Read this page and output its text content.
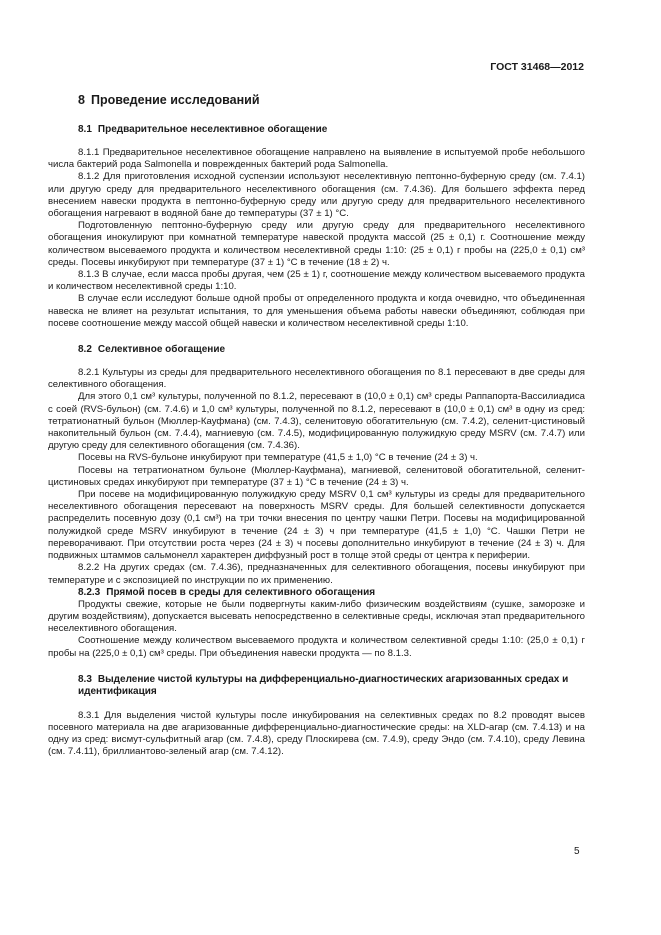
ГОСТ 31468—2012
8 Проведение исследований
8.1 Предварительное неселективное обогащение

8.1.1 Предварительное неселективное обогащение направлено на выявление в испытуемой пробе небольшого числа бактерий рода Salmonella и поврежденных бактерий рода Salmonella.

8.1.2 Для приготовления исходной суспензии используют неселективную пептонно-буферную среду (см. 7.4.1) или другую среду для предварительного неселективного обогащения (см. 7.4.36). Для большего эффекта перед внесением навески продукта в пептонно-буферную среду или другую среду для предварительного неселективного обогащения нагревают в водяной бане до температуры (37 ± 1) °С.

Подготовленную пептонно-буферную среду или другую среду для предварительного неселективного обогащения инокулируют при комнатной температуре навеской продукта массой (25 ± 0,1) г. Соотношение между количеством высеваемого продукта и количеством неселективной среды 1:10: (25 ± 0,1) г пробы на (225,0 ± 0,1) см³ среды. Посевы инкубируют при температуре (37 ± 1) °С в течение (18 ± 2) ч.

8.1.3 В случае, если масса пробы другая, чем (25 ± 1) г, соотношение между количеством высеваемого продукта и количеством неселективной среды 1:10.

В случае если исследуют больше одной пробы от определенного продукта и когда очевидно, что объединенная навеска не влияет на результат испытания, то для уменьшения объема работы навески объединяют, соблюдая при посеве соотношение между массой общей навески и количеством неселективной среды 1:10.

8.2 Селективное обогащение

8.2.1 Культуры из среды для предварительного неселективного обогащения по 8.1 пересевают в две среды для селективного обогащения.

Для этого 0,1 см³ культуры, полученной по 8.1.2, пересевают в (10,0 ± 0,1) см³ среды Раппапорта-Вассилиадиса с соей (RVS-бульон) (см. 7.4.6) и 1,0 см³ культуры, полученной по 8.1.2, пересевают в (10,0 ± 0,1) см³ в одну из сред: тетратионатный бульон (Мюллер-Кауфмана) (см. 7.4.3), селенитовую обогатительную (см. 7.4.2), селенит-цистиновый накопительный бульон (см. 7.4.4), магниевую (см. 7.4.5), модифицированную полужидкую среду MSRV (см. 7.4.7) или другую среду для селективного обогащения (см. 7.4.36).

Посевы на RVS-бульоне инкубируют при температуре (41,5 ± 1,0) °С в течение (24 ± 3) ч.

Посевы на тетратионатном бульоне (Мюллер-Кауфмана), магниевой, селенитовой обогатительной, селенит-цистиновых средах инкубируют при температуре (37 ± 1) °С в течение (24 ± 3) ч.

При посеве на модифицированную полужидкую среду MSRV 0,1 см³ культуры из среды для предварительного неселективного обогащения пересевают на поверхность MSRV среды. Для большей селективности допускается распределить посевную дозу (0,1 см³) на три точки внесения по центру чашки Петри. Посевы на модифицированной полужидкой среде MSRV инкубируют в течение (24 ± 3) ч при температуре (41,5 ± 1,0) °С. Чашки Петри не переворачивают. При отсутствии роста через (24 ± 3) ч посевы дополнительно инкубируют в течение (24 ± 3) ч. Для подвижных штаммов сальмонелл характерен диффузный рост в толще этой среды от центра к периферии.

8.2.2 На других средах (см. 7.4.36), предназначенных для селективного обогащения, посевы инкубируют при температуре и с экспозицией по инструкции по их применению.

8.2.3 Прямой посев в среды для селективного обогащения

Продукты свежие, которые не были подвергнуты каким-либо физическим воздействиям (сушке, заморозке и другим воздействиям), допускается высевать непосредственно в селективные среды, исключая этап предварительного неселективного обогащения.

Соотношение между количеством высеваемого продукта и количеством селективной среды 1:10: (25,0 ± 0,1) г пробы на (225,0 ± 0,1) см³ среды. При объединения навески продукта — по 8.1.3.

8.3 Выделение чистой культуры на дифференциально-диагностических агаризованных средах и идентификация

8.3.1 Для выделения чистой культуры после инкубирования на селективных средах по 8.2 проводят высев посевного материала на две агаризованные дифференциально-диагностические среды: на XLD-агар (см. 7.4.13) и на одну из сред: висмут-сульфитный агар (см. 7.4.8), среду Плоскирева (см. 7.4.9), среду Эндо (см. 7.4.10), среду Левина (см. 7.4.11), бриллиантово-зеленый агар (см. 7.4.12).

5
